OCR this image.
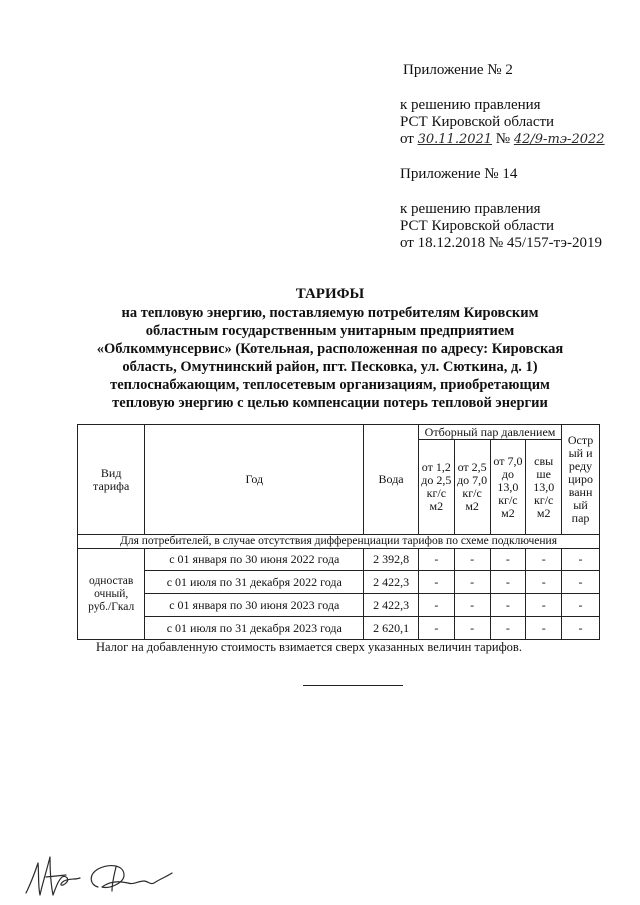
Приложение № 2
к решению правления
РСТ Кировской области
от 30.11.2021 № 42/9-тэ-2022
Приложение № 14
к решению правления
РСТ Кировской области
от 18.12.2018 № 45/157-тэ-2019
ТАРИФЫ
на тепловую энергию, поставляемую потребителям Кировским
областным государственным унитарным предприятием
«Облкоммунсервис» (Котельная, расположенная по адресу: Кировская
область, Омутнинский район, пгт. Песковка, ул. Сюткина, д. 1)
теплоснабжающим, теплосетевым организациям, приобретающим
тепловую энергию с целью компенсации потерь тепловой энергии
Вид тарифа	Год	Вода	Отборный пар давлением				Остр ый и реду циро ванн ый пар
			от 1,2 до 2,5 кг/с м2	от 2,5 до 7,0 кг/с м2	от 7,0 до 13,0 кг/с м2	свы ше 13,0 кг/с м2	
Для потребителей, в случае отсутствия дифференциации тарифов по схеме подключения							
одностав очный, руб./Гкал	с 01 января по 30 июня 2022 года	2 392,8	-	-	-	-	-
	с 01 июля по 31 декабря 2022 года	2 422,3	-	-	-	-	-
	с 01 января по 30 июня 2023 года	2 422,3	-	-	-	-	-
	с 01 июля по 31 декабря 2023 года	2 620,1	-	-	-	-	-
Налог на добавленную стоимость взимается сверх указанных величин тарифов.
